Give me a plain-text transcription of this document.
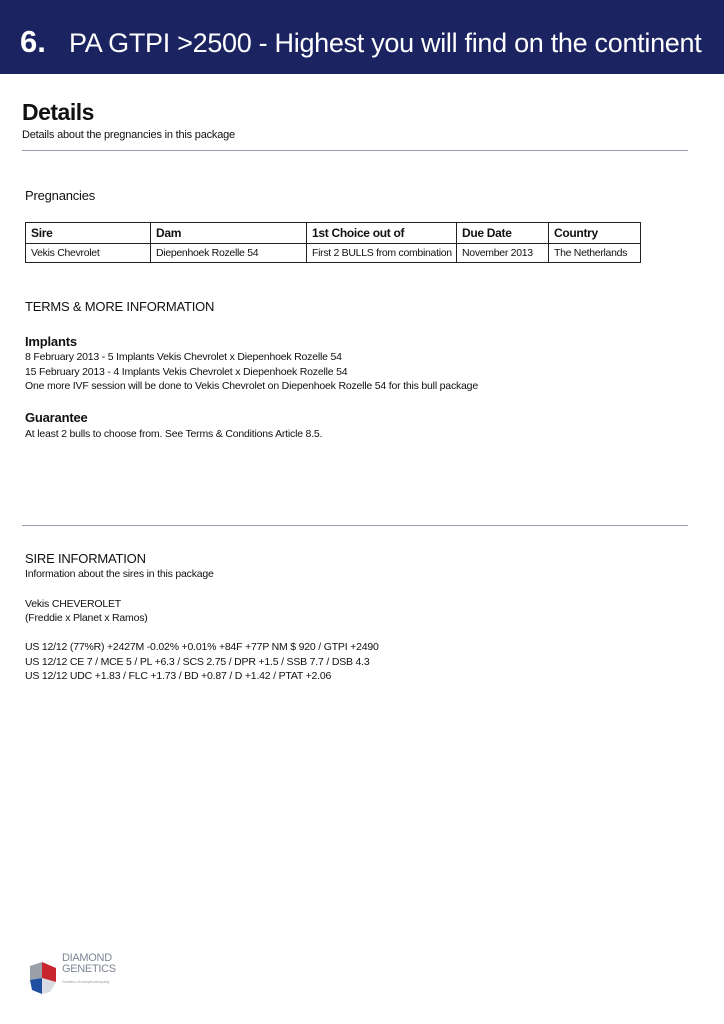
6. PA GTPI >2500 - Highest you will find on the continent
Details
Details about the pregnancies in this package
Pregnancies
Sire	Dam	1st Choice out of	Due Date	Country
Vekis Chevrolet	Diepenhoek Rozelle 54	First 2 BULLS from combination	November 2013	The Netherlands
TERMS & MORE INFORMATION
Implants
8 February 2013 - 5 Implants Vekis Chevrolet x Diepenhoek Rozelle 54
15 February 2013 - 4 Implants Vekis Chevrolet x Diepenhoek Rozelle 54
One more IVF session will be done to Vekis Chevrolet on Diepenhoek Rozelle 54 for this bull package
Guarantee
At least 2 bulls to choose from. See Terms & Conditions Article 8.5.
SIRE INFORMATION
Information about the sires in this package
Vekis CHEVEROLET
(Freddie x Planet x Ramos)
US 12/12 (77%R) +2427M -0.02% +0.01% +84F +77P NM $ 920 / GTPI +2490
US 12/12 CE 7 / MCE 5 / PL +6.3 / SCS 2.75 / DPR +1.5 / SSB 7.7 / DSB 4.3
US 12/12 UDC +1.83 / FLC +1.73 / BD +0.87 / D +1.42 / PTAT +2.06
DIAMOND
GENETICS
Genetics of exceptional quality
